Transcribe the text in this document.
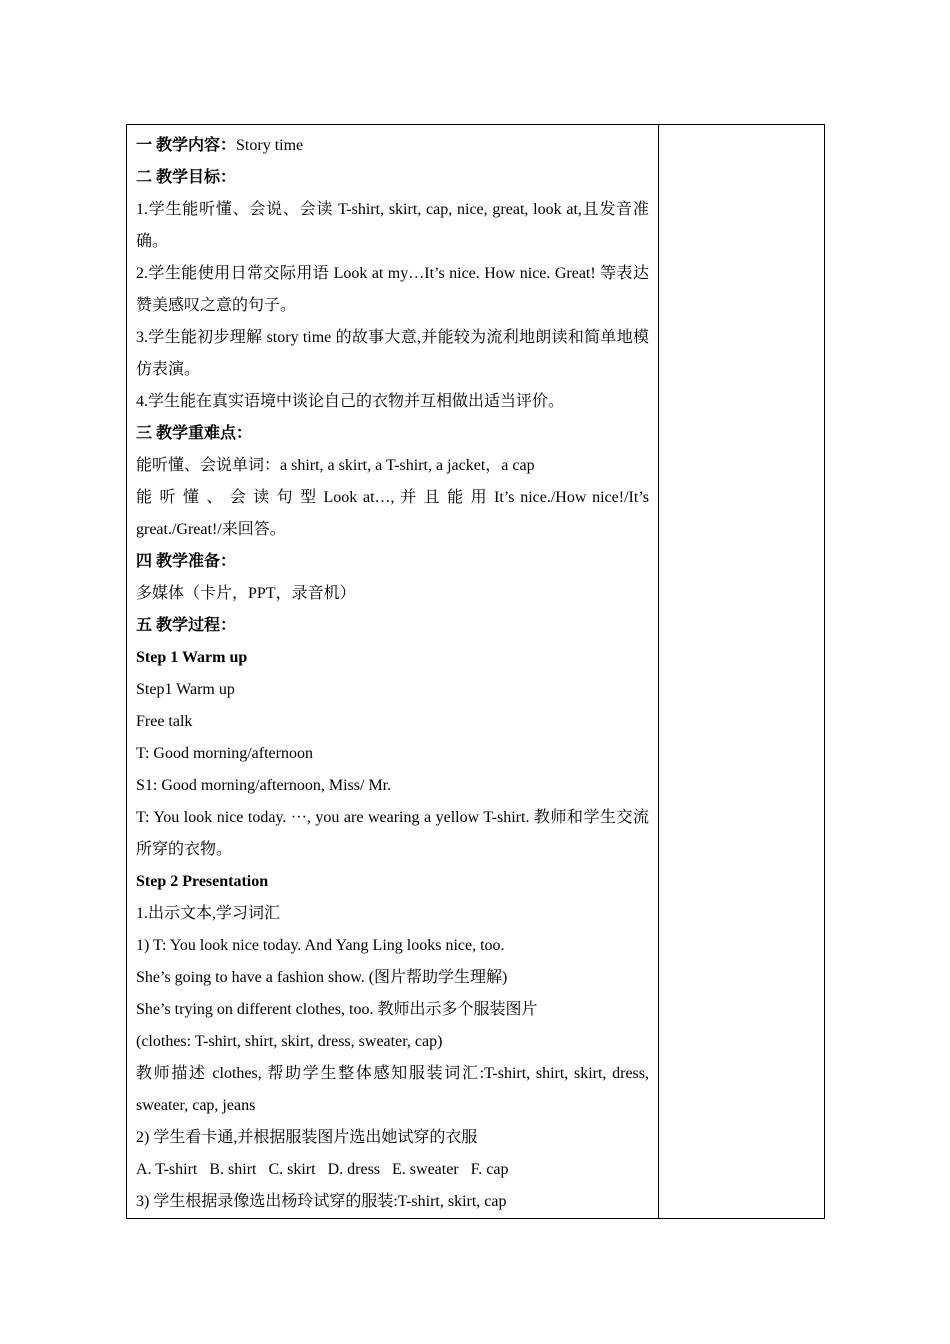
一 教学内容：Story time
二 教学目标：
1.学生能听懂、会说、会读 T-shirt, skirt, cap, nice, great, look at,且发音准确。
2.学生能使用日常交际用语 Look at my…It’s nice. How nice. Great! 等表达赞美感叹之意的句子。
3.学生能初步理解 story time 的故事大意,并能较为流利地朗读和简单地模仿表演。
4.学生能在真实语境中谈论自己的衣物并互相做出适当评价。
三 教学重难点：
能听懂、会说单词：a shirt, a skirt, a T-shirt, a jacket，a cap
能 听 懂 、 会 读 句 型 Look at…, 并 且 能 用 It’s nice./How nice!/It’s great./Great!/来回答。
四 教学准备：
多媒体（卡片，PPT，录音机）
五 教学过程：
Step 1 Warm up
Step1 Warm up
Free talk
T: Good morning/afternoon
S1: Good morning/afternoon, Miss/ Mr.
T: You look nice today. ···, you are wearing a yellow T-shirt. 教师和学生交流所穿的衣物。
Step 2 Presentation
1.出示文本,学习词汇
1) T: You look nice today. And Yang Ling looks nice, too.
She’s going to have a fashion show. (图片帮助学生理解)
She’s trying on different clothes, too. 教师出示多个服装图片
(clothes: T-shirt, shirt, skirt, dress, sweater, cap)
教师描述 clothes, 帮助学生整体感知服装词汇:T-shirt, shirt, skirt, dress, sweater, cap, jeans
2) 学生看卡通,并根据服装图片选出她试穿的衣服
A. T-shirt   B. shirt   C. skirt   D. dress   E. sweater   F. cap
3) 学生根据录像选出杨玲试穿的服装:T-shirt, skirt, cap
